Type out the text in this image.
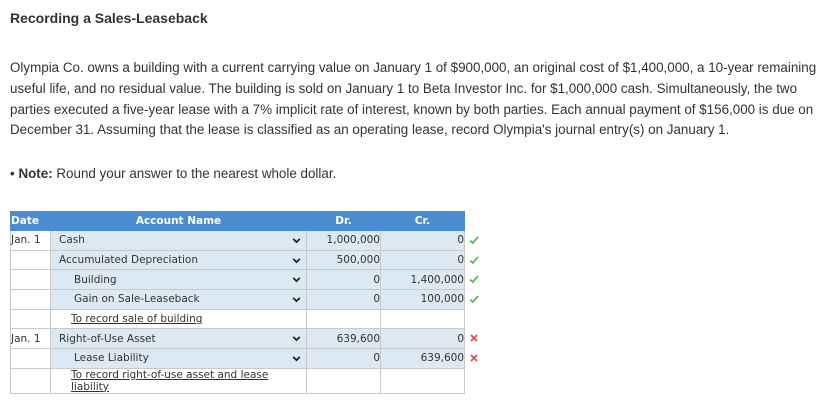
Recording a Sales-Leaseback
Olympia Co. owns a building with a current carrying value on January 1 of $900,000, an original cost of $1,400,000, a 10-year remaining useful life, and no residual value. The building is sold on January 1 to Beta Investor Inc. for $1,000,000 cash. Simultaneously, the two parties executed a five-year lease with a 7% implicit rate of interest, known by both parties. Each annual payment of $156,000 is due on December 31. Assuming that the lease is classified as an operating lease, record Olympia's journal entry(s) on January 1.
• Note: Round your answer to the nearest whole dollar.
Date	Account Name	Dr.	Cr.
Jan. 1	Cash	1,000,000	0

	Accumulated Depreciation	500,000	0

	Building	0	1,400,000

	Gain on Sale-Leaseback	0	100,000

	To record sale of building		
Jan. 1	Right-of-Use Asset	639,600	0

	Lease Liability	0	639,600

	To record right-of-use asset and lease liability		
